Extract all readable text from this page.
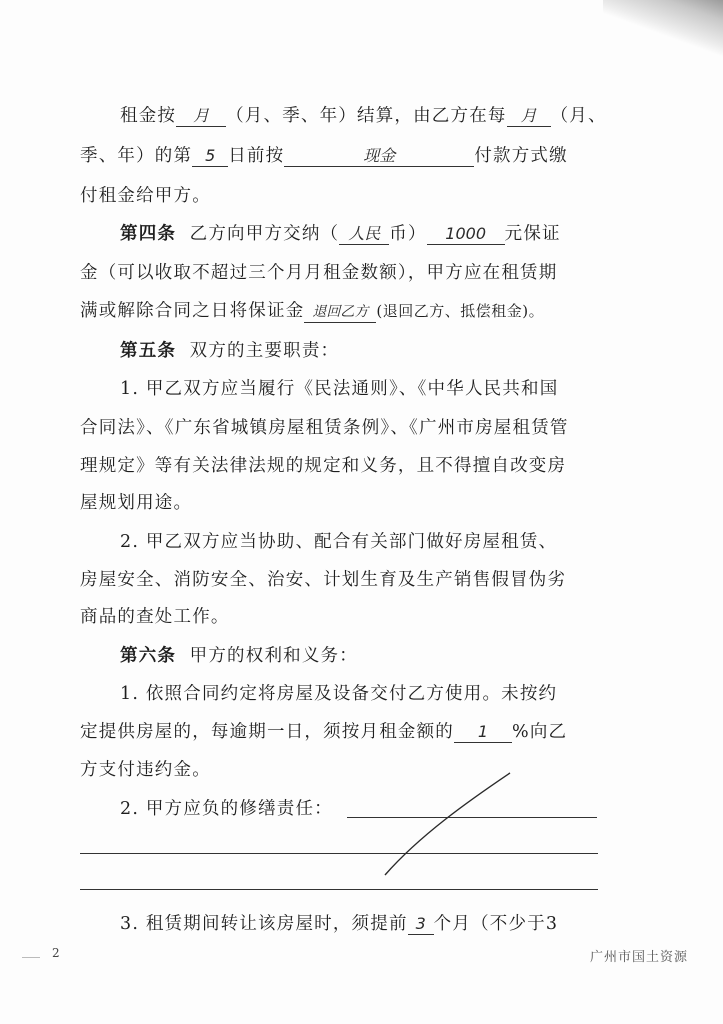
租金按 月 （月、季、年）结算，由乙方在每 月 （月、
季、年）的第 5 日前按	现金	付款方式缴
付租金给甲方。
第四条 乙方向甲方交纳（ 人民 币） 1000 元保证
金（可以收取不超过三个月月租金数额），甲方应在租赁期
满或解除合同之日将保证金 退回乙方 (退回乙方、抵偿租金)。
第五条 双方的主要职责：
1. 甲乙双方应当履行《民法通则》、《中华人民共和国
合同法》、《广东省城镇房屋租赁条例》、《广州市房屋租赁管
理规定》等有关法律法规的规定和义务，且不得擅自改变房
屋规划用途。
2. 甲乙双方应当协助、配合有关部门做好房屋租赁、
房屋安全、消防安全、治安、计划生育及生产销售假冒伪劣
商品的查处工作。
第六条 甲方的权利和义务：
1. 依照合同约定将房屋及设备交付乙方使用。未按约
定提供房屋的，每逾期一日，须按月租金额的 1 %向乙
方支付违约金。
2. 甲方应负的修缮责任：
3. 租赁期间转让该房屋时，须提前 3 个月（不少于3
2	广州市国土资源
